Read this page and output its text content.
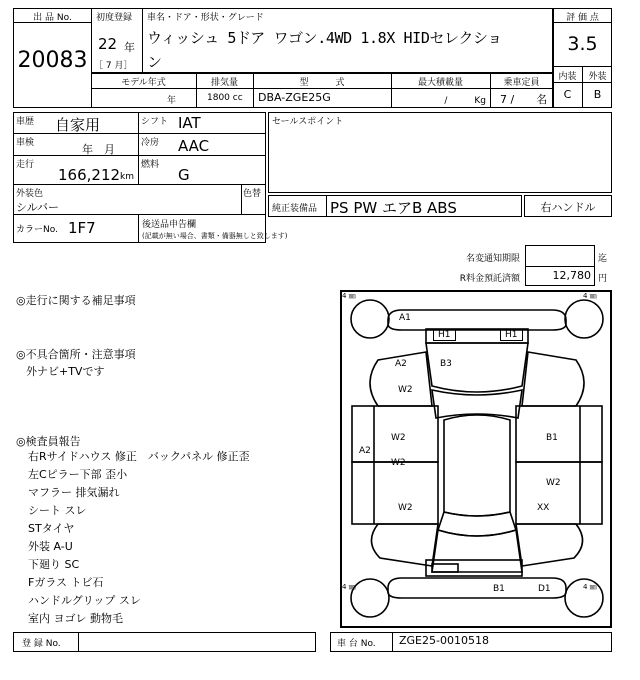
出 品 No.
20083
初度登録
22 年
［ 7 月］
車名・ドア・形状・グレード
ウィッシュ 5ドア ワゴン.4WD 1.8X HIDセレクショ
ン
評 価 点
3.5
内装	外装
C	B
モデル年式
年
排気量
1800 cc
型　　　式
DBA-ZGE25G
最大積載量
/　　　Kg
乗車定員
7 /　　名
車歴 自家用	シフト IAT
車検	年　月	冷房 AAC
走行
166,212 km
燃料
G
外装色
シルバー
色替
カラーNo. 1F7	後送品申告欄
(記載が無い場合、書類・備器無しと致します)
セールスポイント
純正装備品 PS PW エアB ABS	右ハンドル
名変通知期限	迄
R料金預託済額	12,780 円
◎走行に関する補足事項
◎不具合箇所・注意事項
外ナビ+TVです
◎検査員報告
右Rサイドハウス 修正　バックパネル 修正歪
左Cピラー下部 歪小
マフラー 排気漏れ
シート スレ
STタイヤ
外装 A-U
下廻り SC
Fガラス トビ石
ハンドルグリップ スレ
室内 ヨゴレ 動物毛
4 ㎜	4 ㎜
4 ㎜	4 ㎜
A1
H1	H1
A2	B3
W2
W2
A2
W2
B1
W2
W2	XX
B1	D1
登 録 No.	車 台 No. ZGE25-0010518
